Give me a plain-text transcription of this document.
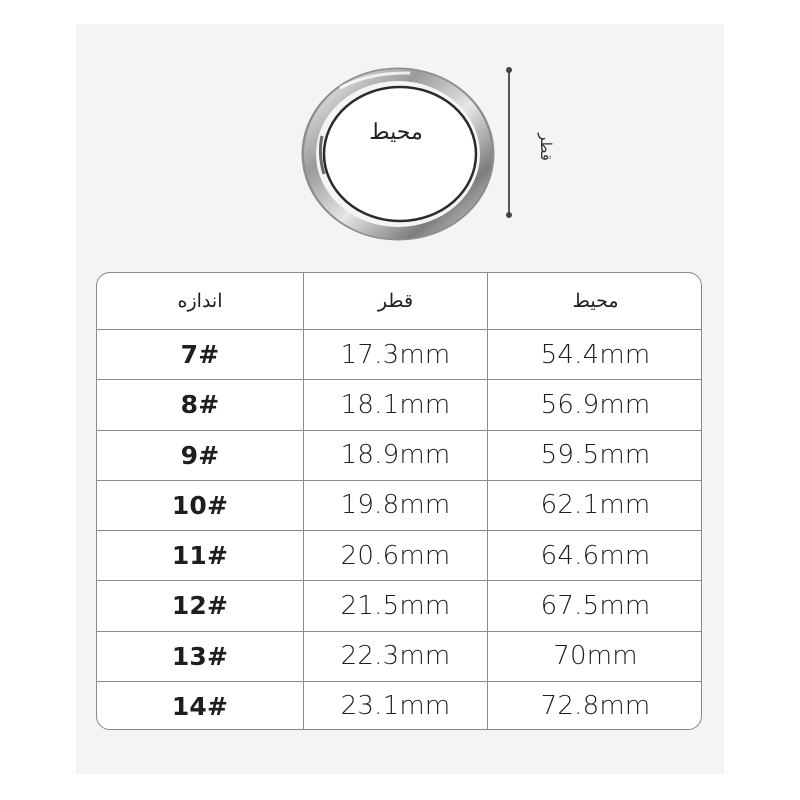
محيط
قطر
اندازه	قطر	محيط
7#	17.3mm	54.4mm
8#	18.1mm	56.9mm
9#	18.9mm	59.5mm
10#	19.8mm	62.1mm
11#	20.6mm	64.6mm
12#	21.5mm	67.5mm
13#	22.3mm	70mm
14#	23.1mm	72.8mm
